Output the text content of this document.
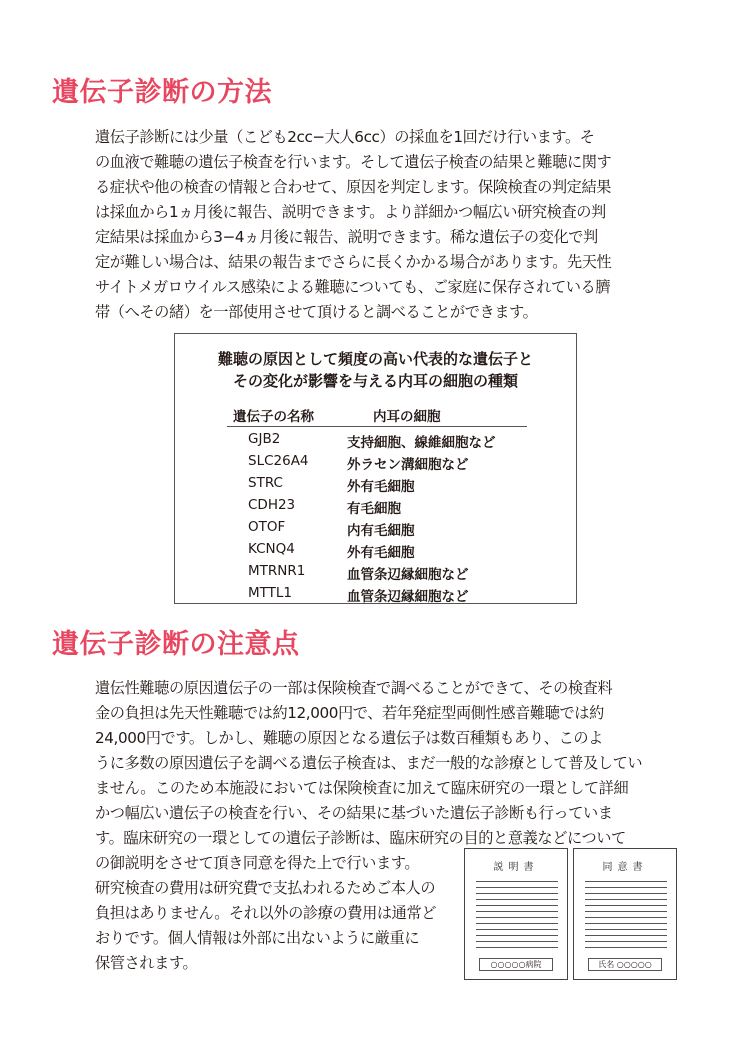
遺伝子診断の方法
遺伝子診断には少量（こども2cc−大人6cc）の採血を1回だけ行います。そ
の血液で難聴の遺伝子検査を行います。そして遺伝子検査の結果と難聴に関す
る症状や他の検査の情報と合わせて、原因を判定します。保険検査の判定結果
は採血から1ヵ月後に報告、説明できます。より詳細かつ幅広い研究検査の判
定結果は採血から3−4ヵ月後に報告、説明できます。稀な遺伝子の変化で判
定が難しい場合は、結果の報告までさらに長くかかる場合があります。先天性
サイトメガロウイルス感染による難聴についても、ご家庭に保存されている臍
帯（へその緒）を一部使用させて頂けると調べることができます。
難聴の原因として頻度の高い代表的な遺伝子と
その変化が影響を与える内耳の細胞の種類
遺伝子の名称	内耳の細胞
GJB2	支持細胞、線維細胞など
SLC26A4	外ラセン溝細胞など
STRC	外有毛細胞
CDH23	有毛細胞
OTOF	内有毛細胞
KCNQ4	外有毛細胞
MTRNR1	血管条辺縁細胞など
MTTL1	血管条辺縁細胞など
遺伝子診断の注意点
遺伝性難聴の原因遺伝子の一部は保険検査で調べることができて、その検査料
金の負担は先天性難聴では約12,000円で、若年発症型両側性感音難聴では約
24,000円です。しかし、難聴の原因となる遺伝子は数百種類もあり、このよ
うに多数の原因遺伝子を調べる遺伝子検査は、まだ一般的な診療として普及してい
ません。このため本施設においては保険検査に加えて臨床研究の一環として詳細
かつ幅広い遺伝子の検査を行い、その結果に基づいた遺伝子診断も行っていま
す。臨床研究の一環としての遺伝子診断は、臨床研究の目的と意義などについて
の御説明をさせて頂き同意を得た上で行います。
研究検査の費用は研究費で支払われるためご本人の
負担はありません。それ以外の診療の費用は通常ど
おりです。個人情報は外部に出ないように厳重に
保管されます。
説明書
○○○○○病院
同意書
氏名 ○○○○○
